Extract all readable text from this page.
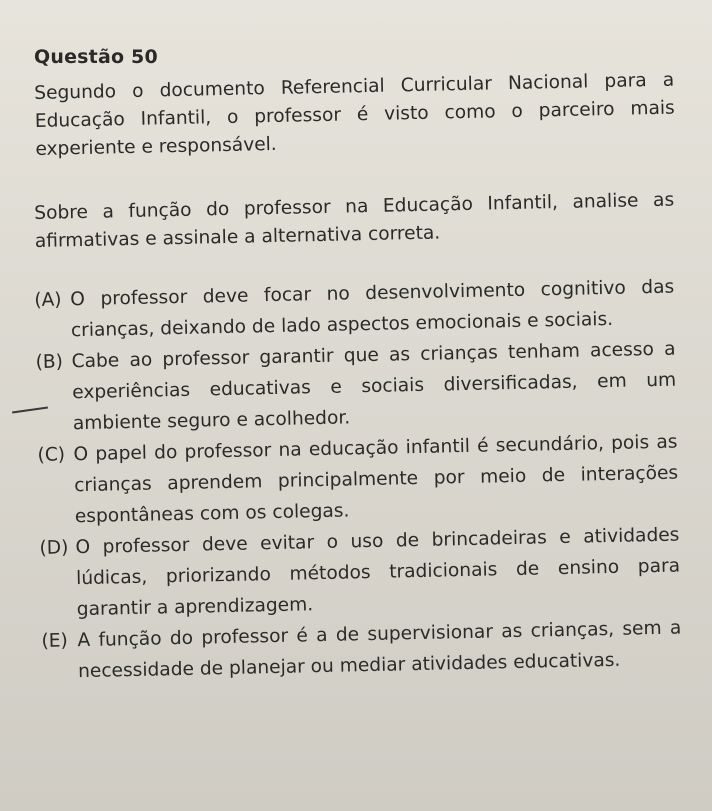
Questão 50
Segundo o documento Referencial Curricular Nacional para a Educação Infantil, o professor é visto como o parceiro mais experiente e responsável.
Sobre a função do professor na Educação Infantil, analise as afirmativas e assinale a alternativa correta.
(A) O professor deve focar no desenvolvimento cognitivo das crianças, deixando de lado aspectos emocionais e sociais.
(B) Cabe ao professor garantir que as crianças tenham acesso a experiências educativas e sociais diversificadas, em um ambiente seguro e acolhedor.
(C) O papel do professor na educação infantil é secundário, pois as crianças aprendem principalmente por meio de interações espontâneas com os colegas.
(D) O professor deve evitar o uso de brincadeiras e atividades lúdicas, priorizando métodos tradicionais de ensino para garantir a aprendizagem.
(E) A função do professor é a de supervisionar as crianças, sem a necessidade de planejar ou mediar atividades educativas.
